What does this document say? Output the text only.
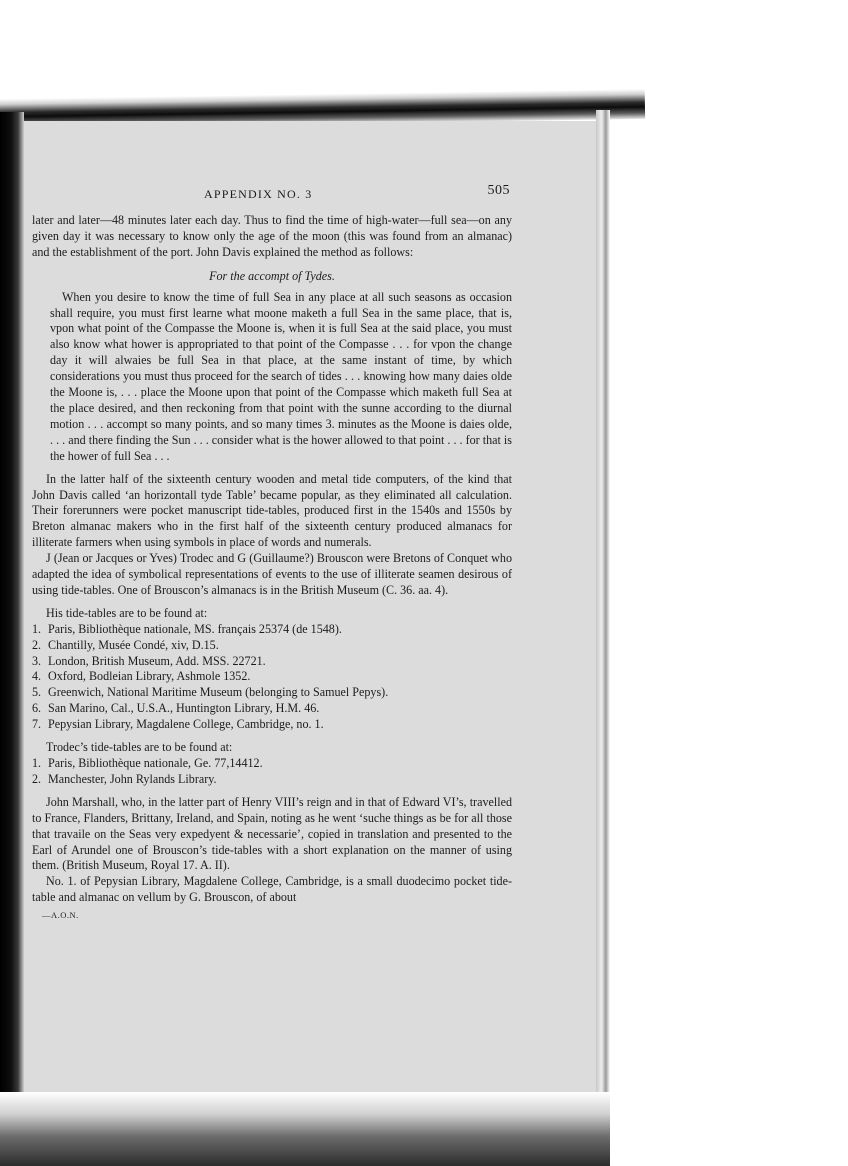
APPENDIX NO. 3	505

later and later—48 minutes later each day. Thus to find the time of high-water—full sea—on any given day it was necessary to know only the age of the moon (this was found from an almanac) and the establishment of the port. John Davis explained the method as follows:

For the accompt of Tydes.

When you desire to know the time of full Sea in any place at all such seasons as occasion shall require, you must first learne what moone maketh a full Sea in the same place, that is, vpon what point of the Compasse the Moone is, when it is full Sea at the said place, you must also know what hower is appropriated to that point of the Compasse . . . for vpon the change day it will alwaies be full Sea in that place, at the same instant of time, by which considerations you must thus proceed for the search of tides . . . knowing how many daies olde the Moone is, . . . place the Moone upon that point of the Compasse which maketh full Sea at the place desired, and then reckoning from that point with the sunne according to the diurnal motion . . . accompt so many points, and so many times 3. minutes as the Moone is daies olde, . . . and there finding the Sun . . . consider what is the hower allowed to that point . . . for that is the hower of full Sea . . .

In the latter half of the sixteenth century wooden and metal tide computers, of the kind that John Davis called ‘an horizontall tyde Table’ became popular, as they eliminated all calculation. Their forerunners were pocket manuscript tide-tables, produced first in the 1540s and 1550s by Breton almanac makers who in the first half of the sixteenth century produced almanacs for illiterate farmers when using symbols in place of words and numerals.

J (Jean or Jacques or Yves) Trodec and G (Guillaume?) Brouscon were Bretons of Conquet who adapted the idea of symbolical representations of events to the use of illiterate seamen desirous of using tide-tables. One of Brouscon’s almanacs is in the British Museum (C. 36. aa. 4).

His tide-tables are to be found at:

1. Paris, Bibliothèque nationale, MS. français 25374 (de 1548).
2. Chantilly, Musée Condé, xiv, D.15.
3. London, British Museum, Add. MSS. 22721.
4. Oxford, Bodleian Library, Ashmole 1352.
5. Greenwich, National Maritime Museum (belonging to Samuel Pepys).
6. San Marino, Cal., U.S.A., Huntington Library, H.M. 46.
7. Pepysian Library, Magdalene College, Cambridge, no. 1.

Trodec’s tide-tables are to be found at:

1. Paris, Bibliothèque nationale, Ge. 77,14412.
2. Manchester, John Rylands Library.

John Marshall, who, in the latter part of Henry VIII’s reign and in that of Edward VI’s, travelled to France, Flanders, Brittany, Ireland, and Spain, noting as he went ‘suche things as be for all those that travaile on the Seas very expedyent & necessarie’, copied in translation and presented to the Earl of Arundel one of Brouscon’s tide-tables with a short explanation on the manner of using them. (British Museum, Royal 17. A. II).

No. 1. of Pepysian Library, Magdalene College, Cambridge, is a small duodecimo pocket tide-table and almanac on vellum by G. Brouscon, of about

—A.O.N.
